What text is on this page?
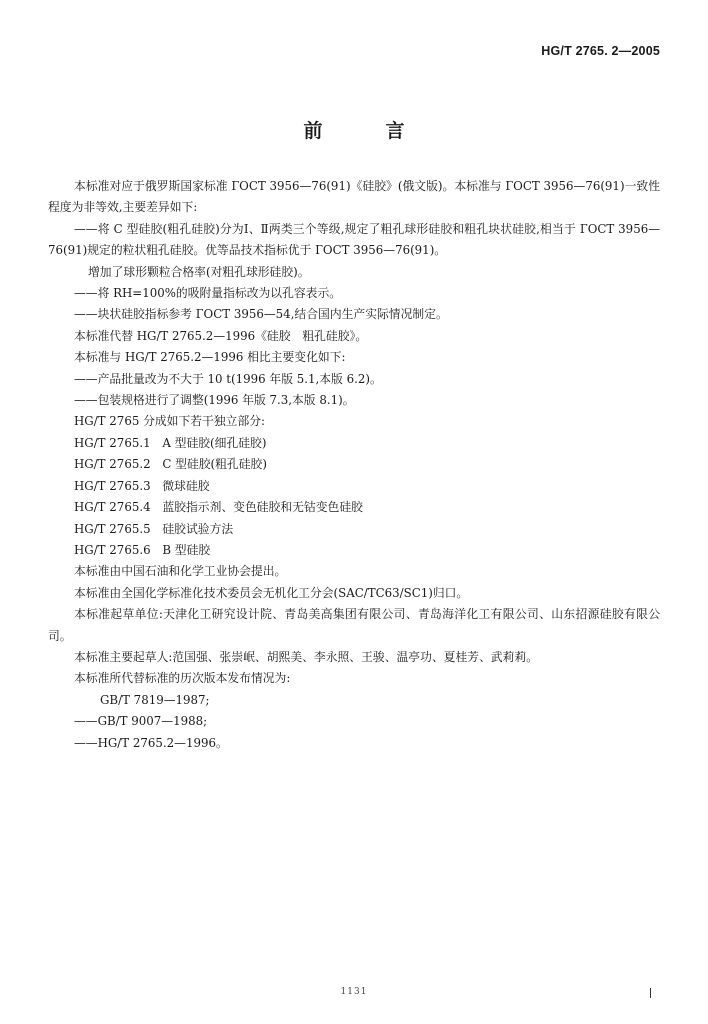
HG/T 2765. 2—2005
前　言

本标准对应于俄罗斯国家标准 ГОСТ 3956—76(91)《硅胶》(俄文版)。本标准与 ГОСТ 3956—76(91)一致性程度为非等效,主要差异如下:

——将 C 型硅胶(粗孔硅胶)分为Ⅰ、Ⅱ两类三个等级,规定了粗孔球形硅胶和粗孔块状硅胶,相当于 ГОСТ 3956—76(91)规定的粒状粗孔硅胶。优等品技术指标优于 ГОСТ 3956—76(91)。

增加了球形颗粒合格率(对粗孔球形硅胶)。

——将 RH=100%的吸附量指标改为以孔容表示。

——块状硅胶指标参考 ГОСТ 3956—54,结合国内生产实际情况制定。

本标准代替 HG/T 2765.2—1996《硅胶　粗孔硅胶》。

本标准与 HG/T 2765.2—1996 相比主要变化如下:

——产品批量改为不大于 10 t(1996 年版 5.1,本版 6.2)。

——包装规格进行了调整(1996 年版 7.3,本版 8.1)。

HG/T 2765 分成如下若干独立部分:

HG/T 2765.1　A 型硅胶(细孔硅胶)

HG/T 2765.2　C 型硅胶(粗孔硅胶)

HG/T 2765.3　微球硅胶

HG/T 2765.4　蓝胶指示剂、变色硅胶和无钴变色硅胶

HG/T 2765.5　硅胶试验方法

HG/T 2765.6　B 型硅胶

本标准由中国石油和化学工业协会提出。

本标准由全国化学标准化技术委员会无机化工分会(SAC/TC63/SC1)归口。

本标准起草单位:天津化工研究设计院、青岛美高集团有限公司、青岛海洋化工有限公司、山东招源硅胶有限公司。

本标准主要起草人:范国强、张崇岷、胡熙美、李永照、王骏、温亭功、夏桂芳、武莉莉。

本标准所代替标准的历次版本发布情况为:

GB/T 7819—1987;

——GB/T 9007—1988;

——HG/T 2765.2—1996。

1131
